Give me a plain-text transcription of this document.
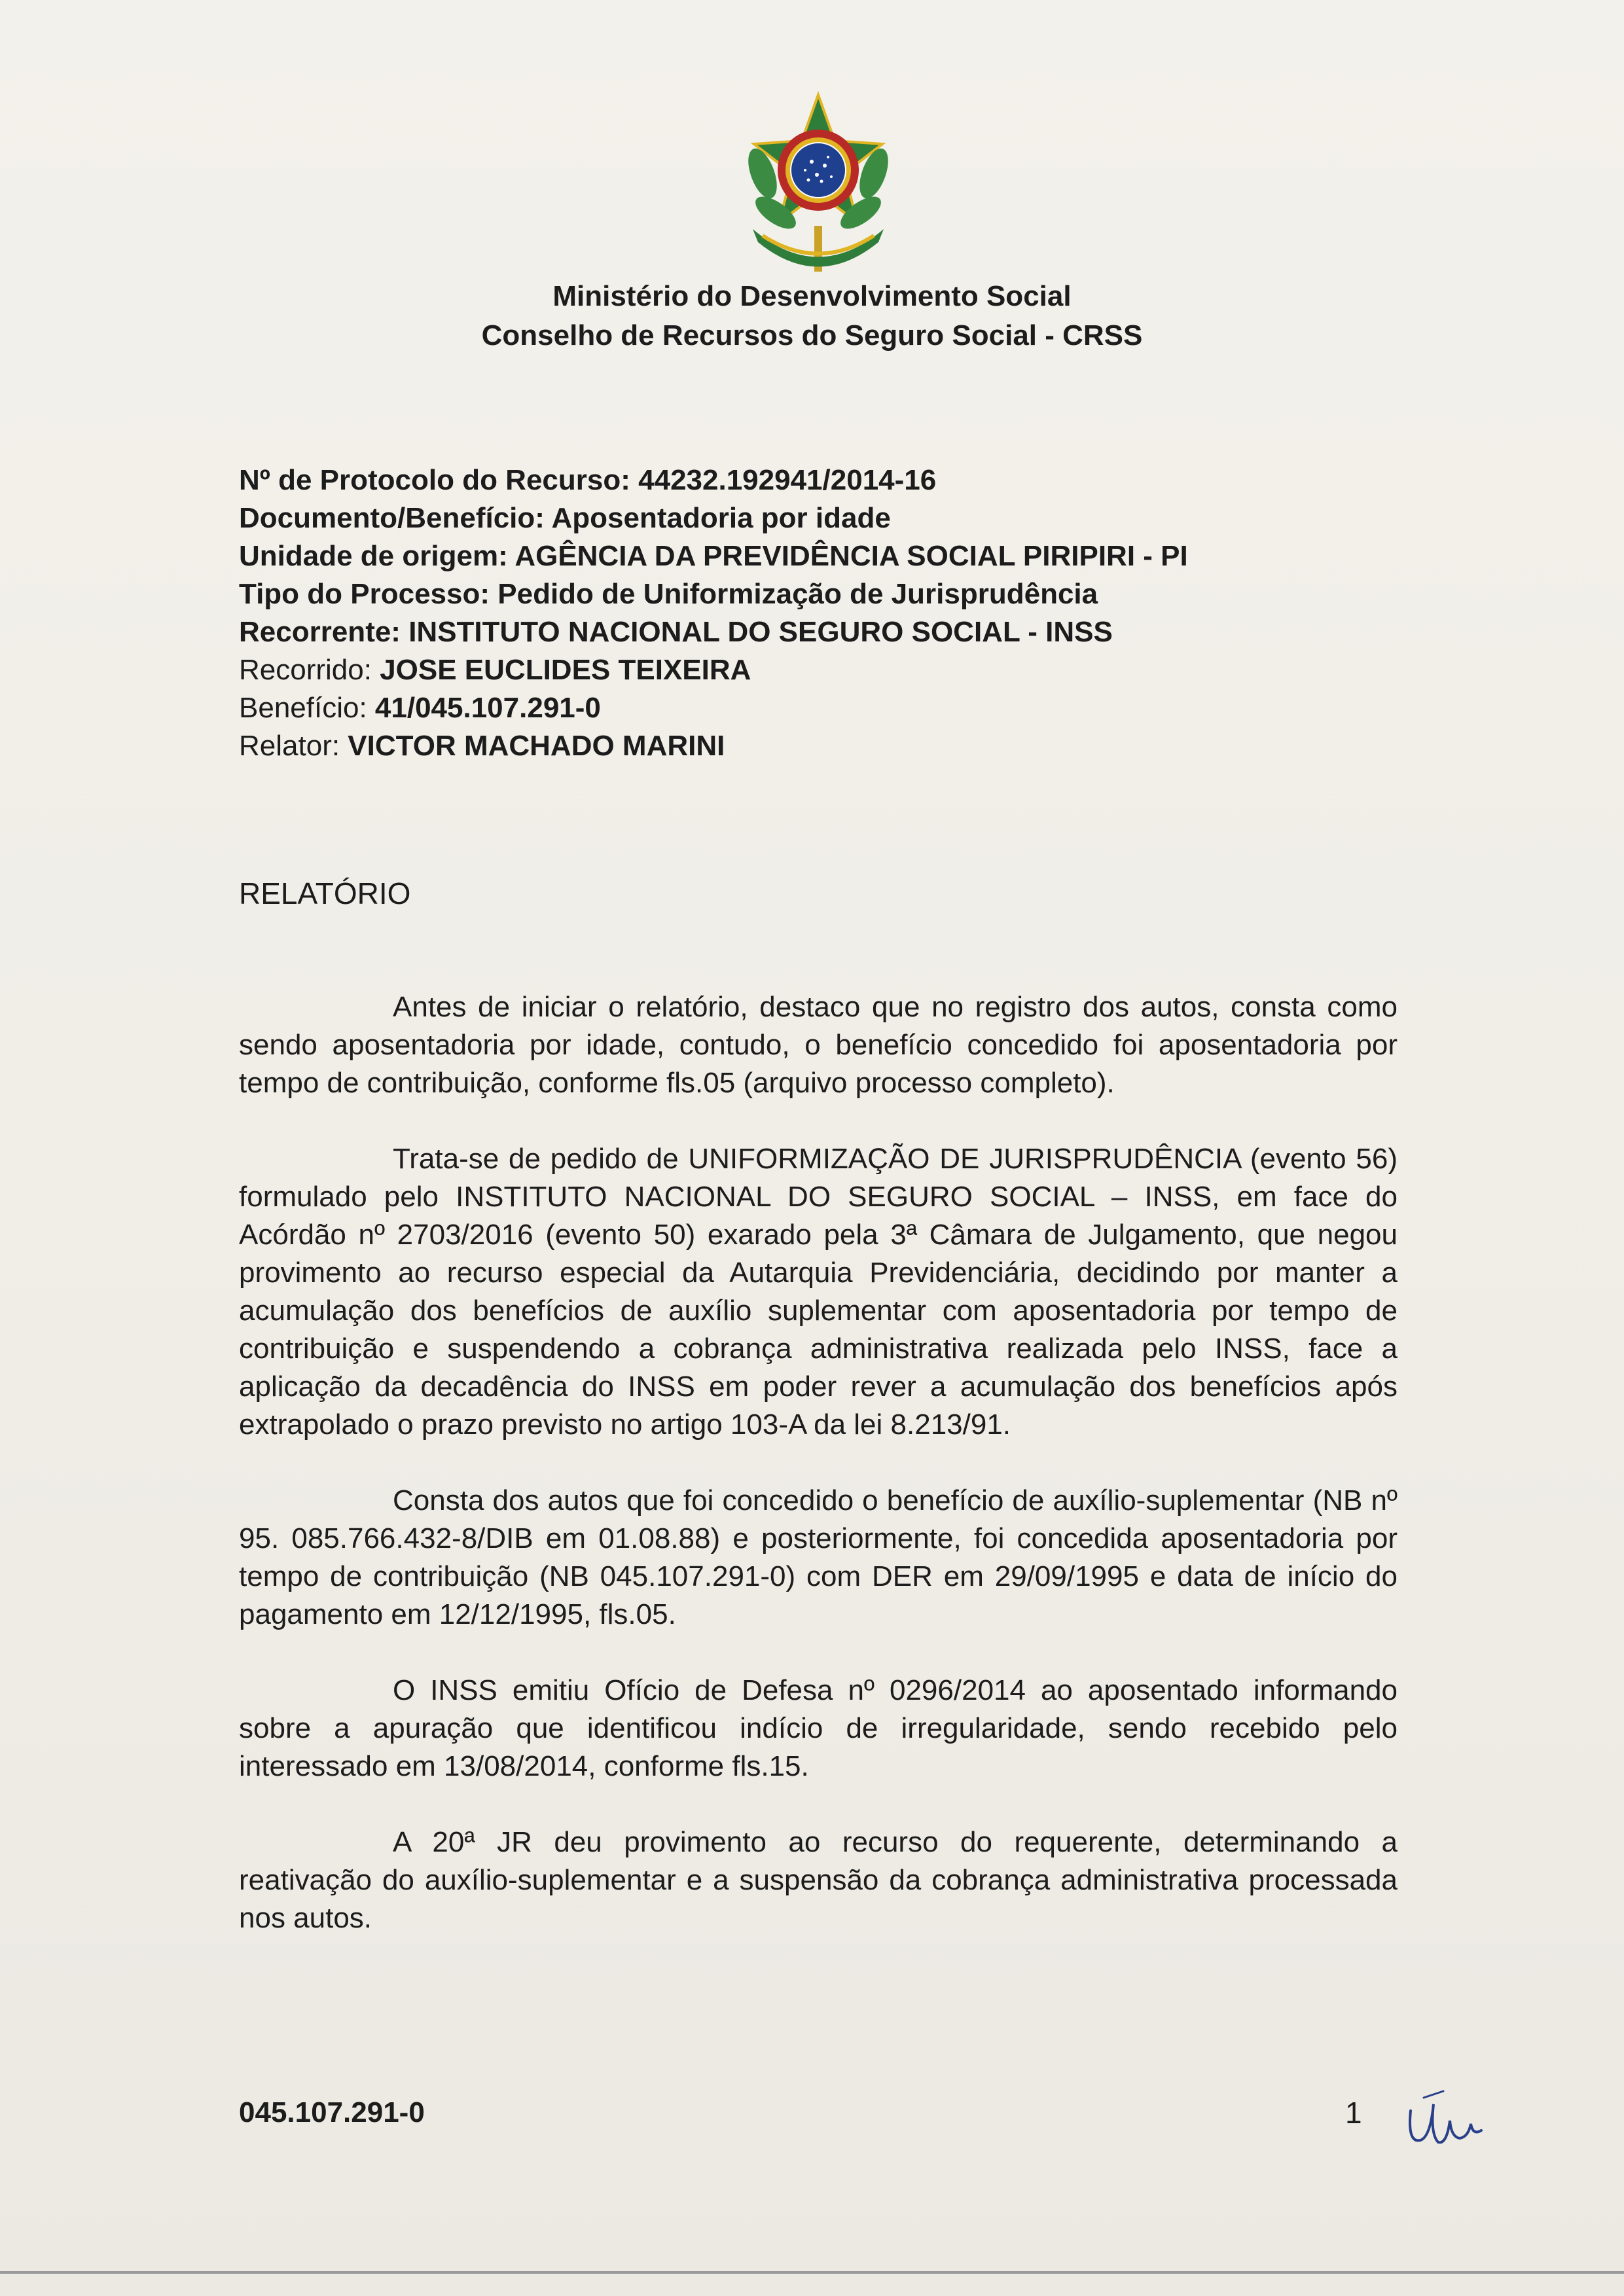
Ministério do Desenvolvimento Social
Conselho de Recursos do Seguro Social - CRSS
Nº de Protocolo do Recurso: 44232.192941/2014-16
Documento/Benefício: Aposentadoria por idade
Unidade de origem: AGÊNCIA DA PREVIDÊNCIA SOCIAL PIRIPIRI - PI
Tipo do Processo: Pedido de Uniformização de Jurisprudência
Recorrente: INSTITUTO NACIONAL DO SEGURO SOCIAL - INSS
Recorrido: JOSE EUCLIDES TEIXEIRA
Benefício: 41/045.107.291-0
Relator: VICTOR MACHADO MARINI
RELATÓRIO

Antes de iniciar o relatório, destaco que no registro dos autos, consta como sendo aposentadoria por idade, contudo, o benefício concedido foi aposentadoria por tempo de contribuição, conforme fls.05 (arquivo processo completo).

Trata-se de pedido de UNIFORMIZAÇÃO DE JURISPRUDÊNCIA (evento 56) formulado pelo INSTITUTO NACIONAL DO SEGURO SOCIAL – INSS, em face do Acórdão nº 2703/2016 (evento 50) exarado pela 3ª Câmara de Julgamento, que negou provimento ao recurso especial da Autarquia Previdenciária, decidindo por manter a acumulação dos benefícios de auxílio suplementar com aposentadoria por tempo de contribuição e suspendendo a cobrança administrativa realizada pelo INSS, face a aplicação da decadência do INSS em poder rever a acumulação dos benefícios após extrapolado o prazo previsto no artigo 103-A da lei 8.213/91.

Consta dos autos que foi concedido o benefício de auxílio-suplementar (NB nº 95. 085.766.432-8/DIB em 01.08.88) e posteriormente, foi concedida aposentadoria por tempo de contribuição (NB 045.107.291-0) com DER em 29/09/1995 e data de início do pagamento em 12/12/1995, fls.05.

O INSS emitiu Ofício de Defesa nº 0296/2014 ao aposentado informando sobre a apuração que identificou indício de irregularidade, sendo recebido pelo interessado em 13/08/2014, conforme fls.15.

A 20ª JR deu provimento ao recurso do requerente, determinando a reativação do auxílio-suplementar e a suspensão da cobrança administrativa processada nos autos.

045.107.291-0	1
